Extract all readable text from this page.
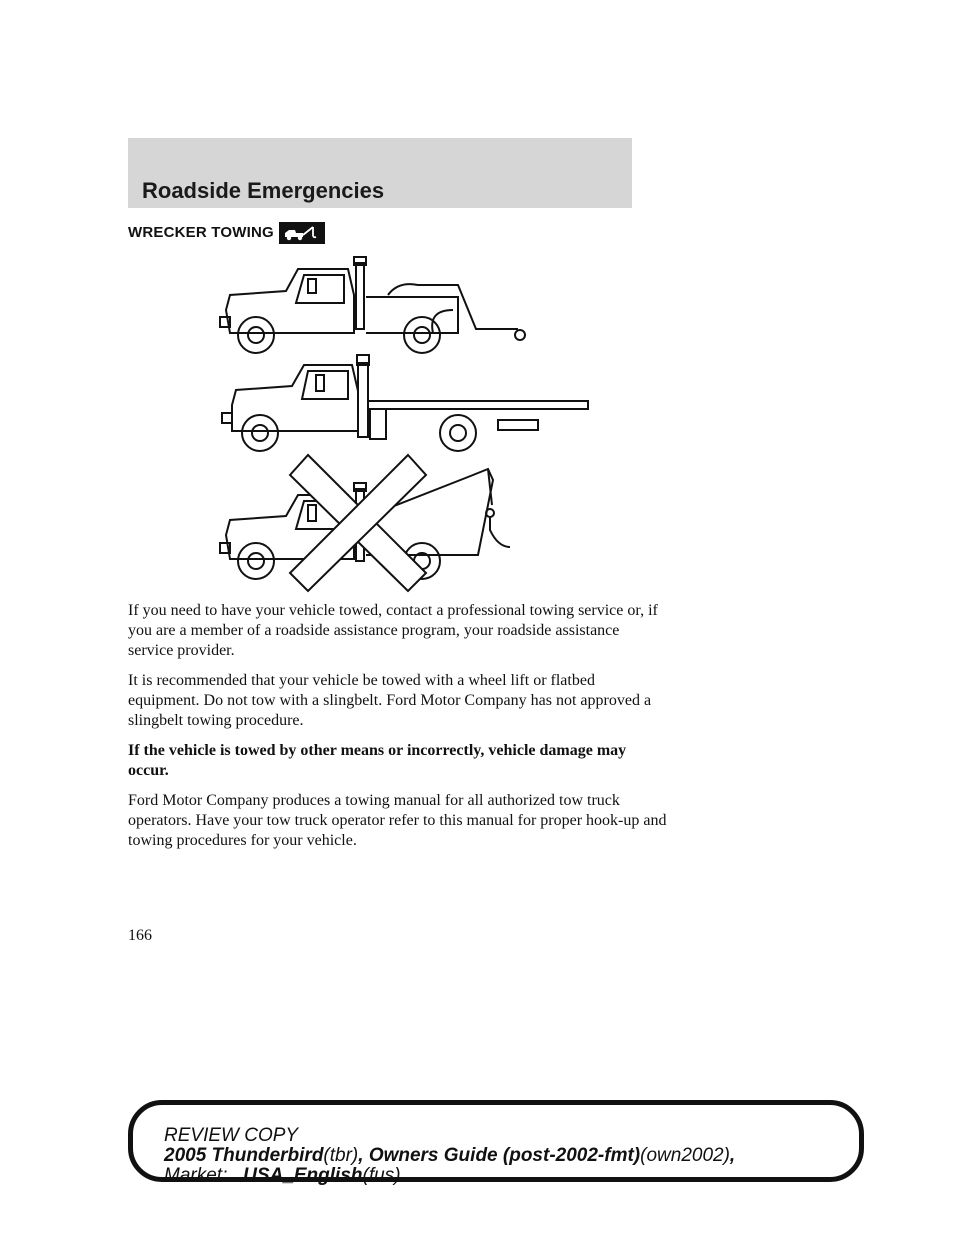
Roadside Emergencies
WRECKER TOWING

If you need to have your vehicle towed, contact a professional towing service or, if you are a member of a roadside assistance program, your roadside assistance service provider.

It is recommended that your vehicle be towed with a wheel lift or flatbed equipment. Do not tow with a slingbelt. Ford Motor Company has not approved a slingbelt towing procedure.

If the vehicle is towed by other means or incorrectly, vehicle damage may occur.

Ford Motor Company produces a towing manual for all authorized tow truck operators. Have your tow truck operator refer to this manual for proper hook-up and towing procedures for your vehicle.

166
REVIEW COPY
2005 Thunderbird(tbr), Owners Guide (post-2002-fmt)(own2002),
Market: USA_English(fus)
